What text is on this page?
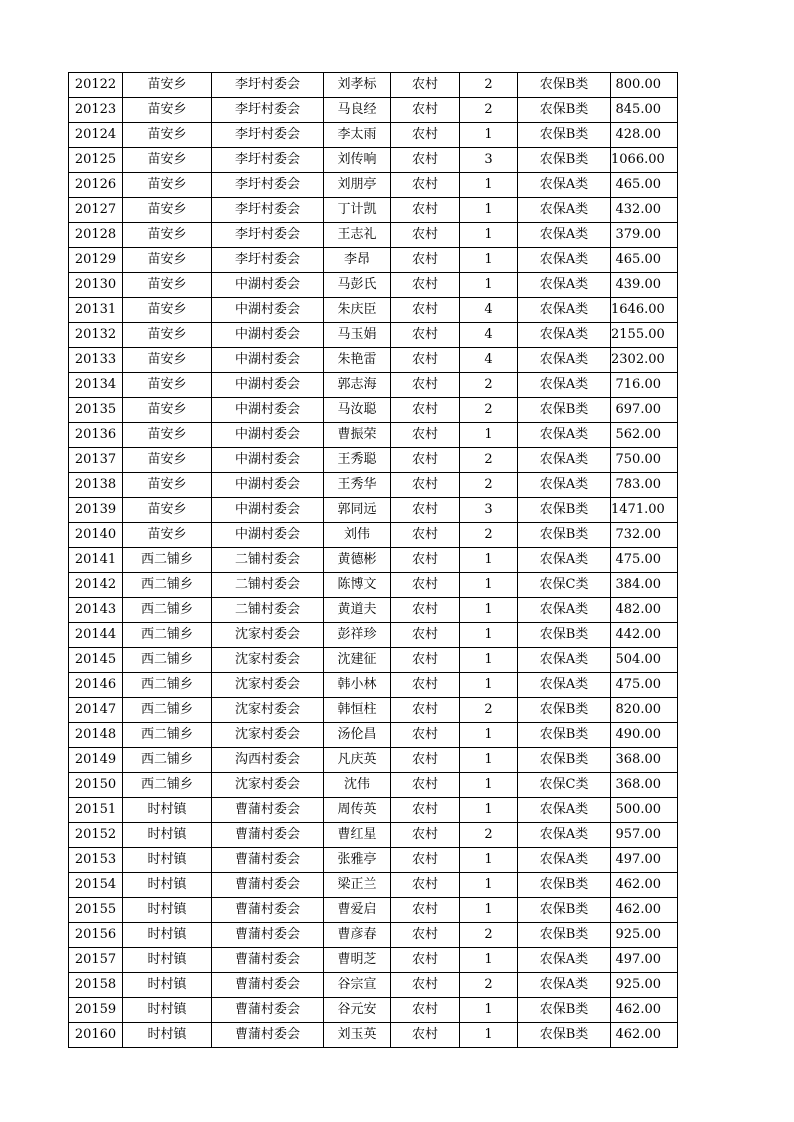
20122	苗安乡	李圩村委会	刘孝标	农村	2	农保B类	800.00
20123	苗安乡	李圩村委会	马良经	农村	2	农保B类	845.00
20124	苗安乡	李圩村委会	李太雨	农村	1	农保B类	428.00
20125	苗安乡	李圩村委会	刘传响	农村	3	农保B类	1066.00
20126	苗安乡	李圩村委会	刘朋亭	农村	1	农保A类	465.00
20127	苗安乡	李圩村委会	丁计凯	农村	1	农保A类	432.00
20128	苗安乡	李圩村委会	王志礼	农村	1	农保A类	379.00
20129	苗安乡	李圩村委会	李昂	农村	1	农保A类	465.00
20130	苗安乡	中湖村委会	马彭氏	农村	1	农保A类	439.00
20131	苗安乡	中湖村委会	朱庆臣	农村	4	农保A类	1646.00
20132	苗安乡	中湖村委会	马玉娟	农村	4	农保A类	2155.00
20133	苗安乡	中湖村委会	朱艳雷	农村	4	农保A类	2302.00
20134	苗安乡	中湖村委会	郭志海	农村	2	农保A类	716.00
20135	苗安乡	中湖村委会	马汝聪	农村	2	农保B类	697.00
20136	苗安乡	中湖村委会	曹振荣	农村	1	农保A类	562.00
20137	苗安乡	中湖村委会	王秀聪	农村	2	农保A类	750.00
20138	苗安乡	中湖村委会	王秀华	农村	2	农保A类	783.00
20139	苗安乡	中湖村委会	郭同远	农村	3	农保B类	1471.00
20140	苗安乡	中湖村委会	刘伟	农村	2	农保B类	732.00
20141	西二铺乡	二铺村委会	黄德彬	农村	1	农保A类	475.00
20142	西二铺乡	二铺村委会	陈博文	农村	1	农保C类	384.00
20143	西二铺乡	二铺村委会	黄道夫	农村	1	农保A类	482.00
20144	西二铺乡	沈家村委会	彭祥珍	农村	1	农保B类	442.00
20145	西二铺乡	沈家村委会	沈建征	农村	1	农保A类	504.00
20146	西二铺乡	沈家村委会	韩小林	农村	1	农保A类	475.00
20147	西二铺乡	沈家村委会	韩恒柱	农村	2	农保B类	820.00
20148	西二铺乡	沈家村委会	汤伦昌	农村	1	农保B类	490.00
20149	西二铺乡	沟西村委会	凡庆英	农村	1	农保B类	368.00
20150	西二铺乡	沈家村委会	沈伟	农村	1	农保C类	368.00
20151	时村镇	曹蒲村委会	周传英	农村	1	农保A类	500.00
20152	时村镇	曹蒲村委会	曹红星	农村	2	农保A类	957.00
20153	时村镇	曹蒲村委会	张雅亭	农村	1	农保A类	497.00
20154	时村镇	曹蒲村委会	梁正兰	农村	1	农保B类	462.00
20155	时村镇	曹蒲村委会	曹爱启	农村	1	农保B类	462.00
20156	时村镇	曹蒲村委会	曹彦春	农村	2	农保B类	925.00
20157	时村镇	曹蒲村委会	曹明芝	农村	1	农保A类	497.00
20158	时村镇	曹蒲村委会	谷宗宣	农村	2	农保A类	925.00
20159	时村镇	曹蒲村委会	谷元安	农村	1	农保B类	462.00
20160	时村镇	曹蒲村委会	刘玉英	农村	1	农保B类	462.00
